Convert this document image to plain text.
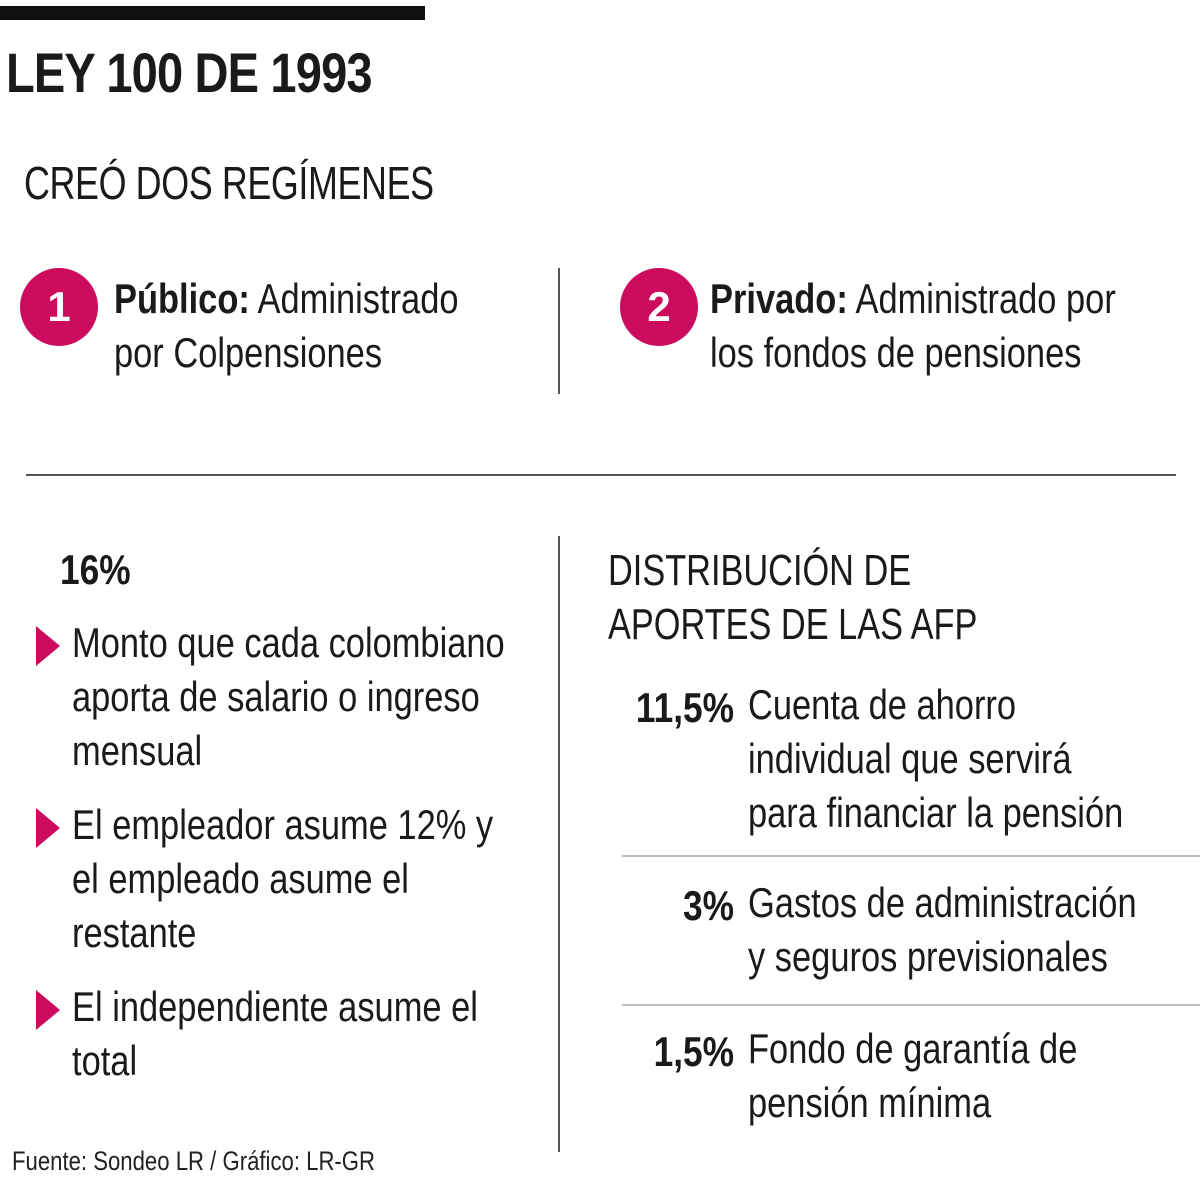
LEY 100 DE 1993
CREÓ DOS REGÍMENES
1	Público: Administrado
por Colpensiones
2 Privado: Administrado por
los fondos de pensiones
16%
Monto que cada colombiano
aporta de salario o ingreso
mensual
El empleador asume 12% y
el empleado asume el
restante
El independiente asume el
total
DISTRIBUCIÓN DE
APORTES DE LAS AFP
11,5% Cuenta de ahorro
individual que servirá
para financiar la pensión
3% Gastos de administración
y seguros previsionales
1,5% Fondo de garantía de
pensión mínima
Fuente: Sondeo LR / Gráfico: LR-GR
